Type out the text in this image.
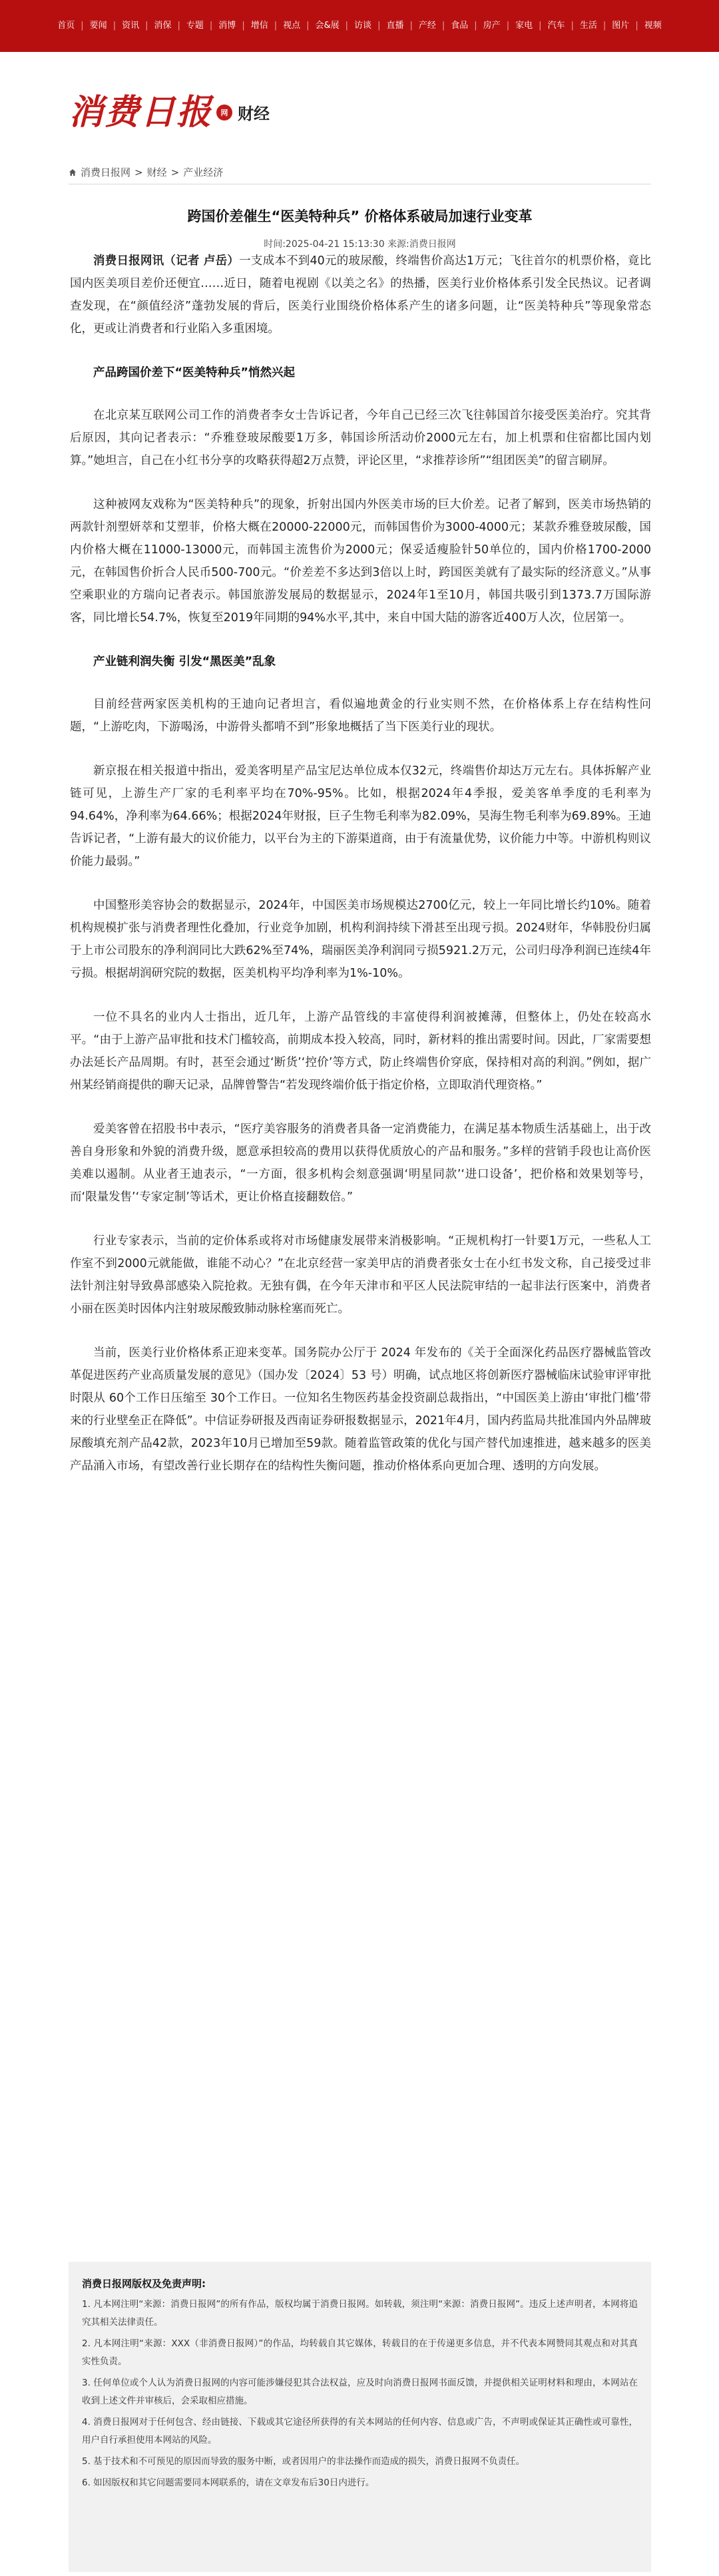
首页 | 要闻 | 资讯 | 消保 | 专题 | 消博 | 增信 | 视点 | 会&展 | 访谈 | 直播 | 产经 | 食品 | 房产 | 家电 | 汽车 | 生活 | 图片 | 视频
消费日报	网 财经
消费日报网 > 财经 > 产业经济
跨国价差催生“医美特种兵” 价格体系破局加速行业变革
时间:2025-04-21 15:13:30 来源:消费日报网

消费日报网讯（记者 卢岳）一支成本不到40元的玻尿酸，终端售价高达1万元；飞往首尔的机票价格，竟比国内医美项目差价还便宜……近日，随着电视剧《以美之名》的热播，医美行业价格体系引发全民热议。记者调查发现，在“颜值经济”蓬勃发展的背后，医美行业围绕价格体系产生的诸多问题，让“医美特种兵”等现象常态化，更或让消费者和行业陷入多重困境。

产品跨国价差下“医美特种兵”悄然兴起

在北京某互联网公司工作的消费者李女士告诉记者，今年自己已经三次飞往韩国首尔接受医美治疗。究其背后原因，其向记者表示：“乔雅登玻尿酸要1万多，韩国诊所活动价2000元左右，加上机票和住宿都比国内划算。”她坦言，自己在小红书分享的攻略获得超2万点赞，评论区里，“求推荐诊所”“组团医美”的留言刷屏。

这种被网友戏称为“医美特种兵”的现象，折射出国内外医美市场的巨大价差。记者了解到，医美市场热销的两款针剂塑妍萃和艾塑菲，价格大概在20000-22000元，而韩国售价为3000-4000元；某款乔雅登玻尿酸，国内价格大概在11000-13000元，而韩国主流售价为2000元；保妥适瘦脸针50单位的，国内价格1700-2000元，在韩国售价折合人民币500-700元。“价差差不多达到3倍以上时，跨国医美就有了最实际的经济意义。”从事空乘职业的方瑞向记者表示。韩国旅游发展局的数据显示，2024年1至10月，韩国共吸引到1373.7万国际游客，同比增长54.7%，恢复至2019年同期的94%水平,其中，来自中国大陆的游客近400万人次，位居第一。

产业链利润失衡 引发“黑医美”乱象

目前经营两家医美机构的王迪向记者坦言，看似遍地黄金的行业实则不然，在价格体系上存在结构性问题，“上游吃肉，下游喝汤，中游骨头都啃不到”形象地概括了当下医美行业的现状。

新京报在相关报道中指出，爱美客明星产品宝尼达单位成本仅32元，终端售价却达万元左右。具体拆解产业链可见，上游生产厂家的毛利率平均在70%-95%。比如，根据2024年4季报，爱美客单季度的毛利率为94.64%，净利率为64.66%；根据2024年财报，巨子生物毛利率为82.09%，昊海生物毛利率为69.89%。王迪告诉记者，“上游有最大的议价能力，以平台为主的下游渠道商，由于有流量优势，议价能力中等。中游机构则议价能力最弱。”

中国整形美容协会的数据显示，2024年，中国医美市场规模达2700亿元，较上一年同比增长约10%。随着机构规模扩张与消费者理性化叠加，行业竞争加剧，机构利润持续下滑甚至出现亏损。2024财年，华韩股份归属于上市公司股东的净利润同比大跌62%至74%，瑞丽医美净利润同亏损5921.2万元，公司归母净利润已连续4年亏损。根据胡润研究院的数据，医美机构平均净利率为1%-10%。

一位不具名的业内人士指出，近几年，上游产品管线的丰富使得利润被摊薄，但整体上，仍处在较高水平。“由于上游产品审批和技术门槛较高，前期成本投入较高，同时，新材料的推出需要时间。因此，厂家需要想办法延长产品周期。有时，甚至会通过‘断货’‘控价’等方式，防止终端售价穿底，保持相对高的利润。”例如，据广州某经销商提供的聊天记录，品牌曾警告“若发现终端价低于指定价格，立即取消代理资格。”

爱美客曾在招股书中表示，“医疗美容服务的消费者具备一定消费能力，在满足基本物质生活基础上，出于改善自身形象和外貌的消费升级，愿意承担较高的费用以获得优质放心的产品和服务。”多样的营销手段也让高价医美难以遏制。从业者王迪表示，“一方面，很多机构会刻意强调‘明星同款’‘进口设备’，把价格和效果划等号，而‘限量发售’‘专家定制’等话术，更让价格直接翻数倍。”

行业专家表示，当前的定价体系或将对市场健康发展带来消极影响。“正规机构打一针要1万元，一些私人工作室不到2000元就能做，谁能不动心？”在北京经营一家美甲店的消费者张女士在小红书发文称，自己接受过非法针剂注射导致鼻部感染入院抢救。无独有偶，在今年天津市和平区人民法院审结的一起非法行医案中，消费者小丽在医美时因体内注射玻尿酸致肺动脉栓塞而死亡。

当前，医美行业价格体系正迎来变革。国务院办公厅于 2024 年发布的《关于全面深化药品医疗器械监管改革促进医药产业高质量发展的意见》（国办发〔2024〕53 号）明确，试点地区将创新医疗器械临床试验审评审批时限从 60个工作日压缩至 30个工作日。一位知名生物医药基金投资副总裁指出，“中国医美上游由‘审批门槛’带来的行业壁垒正在降低”。中信证券研报及西南证券研报数据显示，2021年4月，国内药监局共批准国内外品牌玻尿酸填充剂产品42款，2023年10月已增加至59款。随着监管政策的优化与国产替代加速推进，越来越多的医美产品涌入市场，有望改善行业长期存在的结构性失衡问题，推动价格体系向更加合理、透明的方向发展。

消费日报网版权及免责声明:
1. 凡本网注明“来源：消费日报网”的所有作品，版权均属于消费日报网。如转载，须注明“来源：消费日报网”。违反上述声明者，本网将追究其相关法律责任。
2. 凡本网注明“来源：XXX（非消费日报网）”的作品，均转载自其它媒体，转载目的在于传递更多信息，并不代表本网赞同其观点和对其真实性负责。
3. 任何单位或个人认为消费日报网的内容可能涉嫌侵犯其合法权益，应及时向消费日报网书面反馈，并提供相关证明材料和理由，本网站在收到上述文件并审核后，会采取相应措施。
4. 消费日报网对于任何包含、经由链接、下载或其它途径所获得的有关本网站的任何内容、信息或广告，不声明或保证其正确性或可靠性，用户自行承担使用本网站的风险。
5. 基于技术和不可预见的原因而导致的服务中断，或者因用户的非法操作而造成的损失，消费日报网不负责任。
6. 如因版权和其它问题需要同本网联系的，请在文章发布后30日内进行。
